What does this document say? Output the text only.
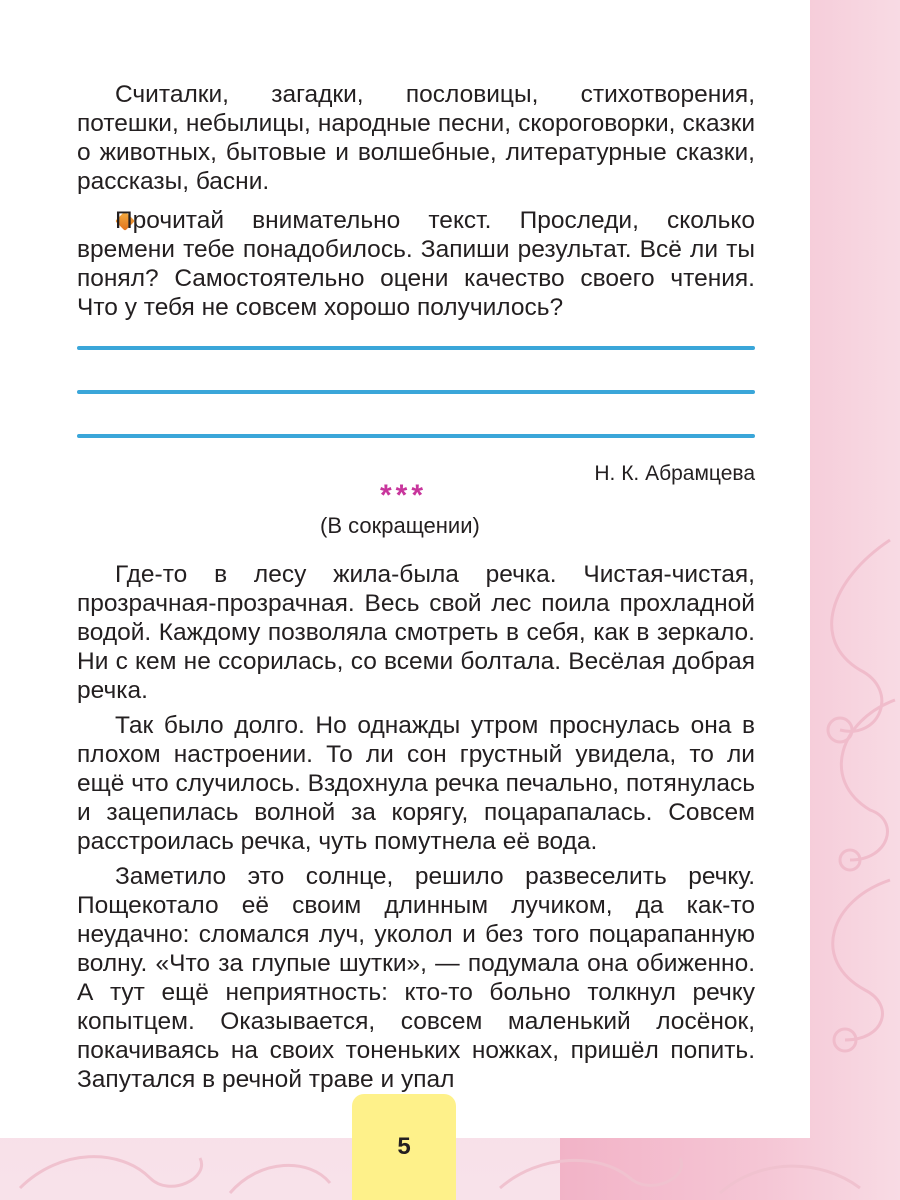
Считалки, загадки, пословицы, стихотворения, потешки, небылицы, народные песни, скороговорки, сказки о животных, бытовые и волшебные, литературные сказки, рассказы, басни.
Прочитай внимательно текст. Проследи, сколько времени тебе понадобилось. Запиши результат. Всё ли ты понял? Самостоятельно оцени качество своего чтения. Что у тебя не совсем хорошо получилось?
Н. К. Абрамцева
***
(В сокращении)
Где-то в лесу жила-была речка. Чистая-чистая, прозрачная-прозрачная. Весь свой лес поила прохладной водой. Каждому позволяла смотреть в себя, как в зеркало. Ни с кем не ссорилась, со всеми болтала. Весёлая добрая речка.
Так было долго. Но однажды утром проснулась она в плохом настроении. То ли сон грустный увидела, то ли ещё что случилось. Вздохнула речка печально, потянулась и зацепилась волной за корягу, поцарапалась. Совсем расстроилась речка, чуть помутнела её вода.
Заметило это солнце, решило развеселить речку. Пощекотало её своим длинным лучиком, да как-то неудачно: сломался луч, уколол и без того поцарапанную волну. «Что за глупые шутки», — подумала она обиженно. А тут ещё неприятность: кто-то больно толкнул речку копытцем. Оказывается, совсем маленький лосёнок, покачиваясь на своих тоненьких ножках, пришёл попить. Запутался в речной траве и упал
5
